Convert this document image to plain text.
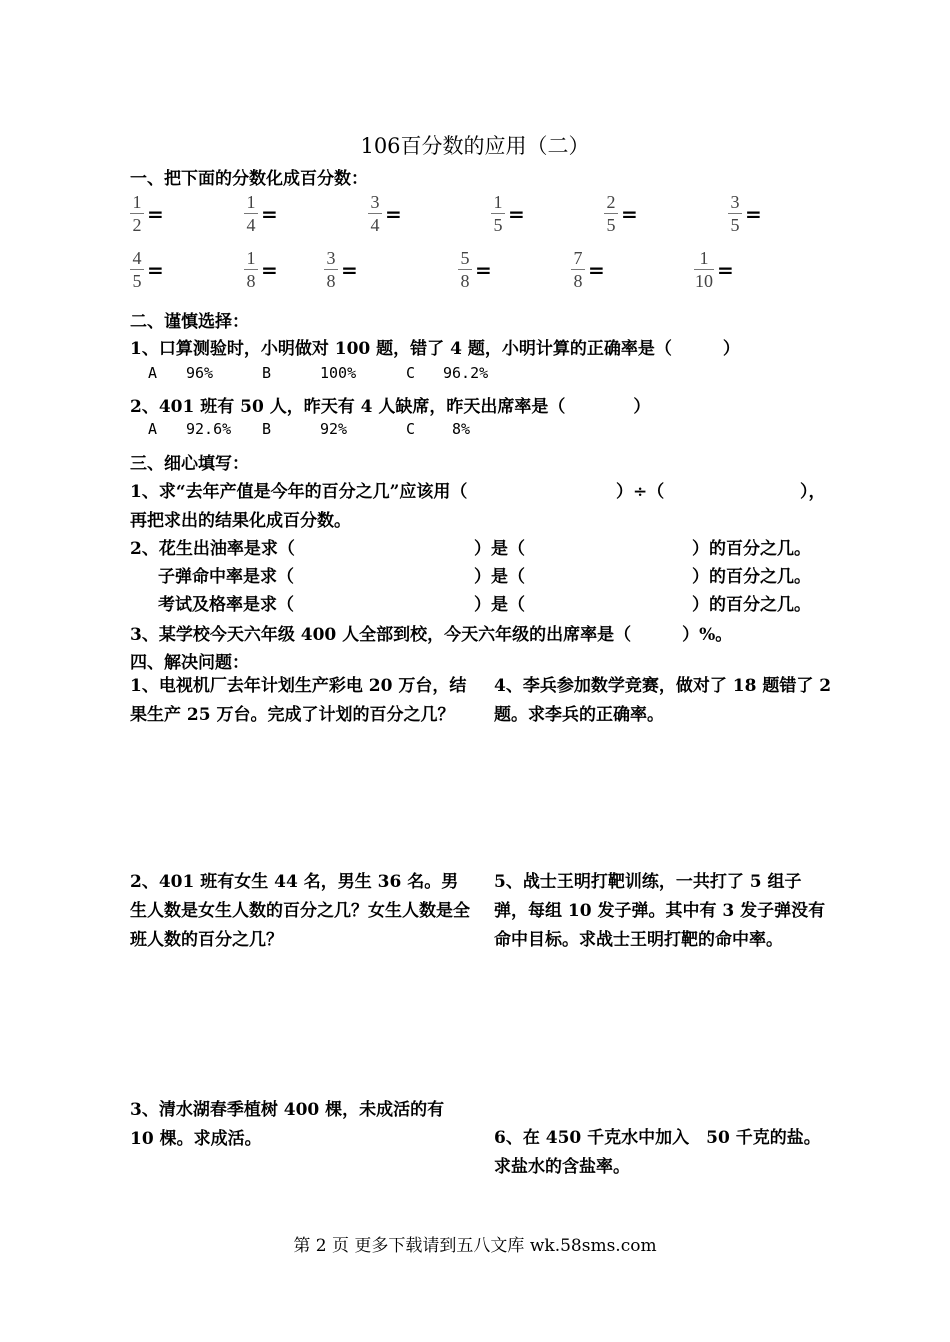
106百分数的应用（二）
一、把下面的分数化成百分数：
$\frac{1}{2}$ =	$\frac{1}{4}$ =	$\frac{3}{4}$ =	$\frac{1}{5}$ =	$\frac{2}{5}$ =	$\frac{3}{5}$ =
$\frac{4}{5}$ =	$\frac{1}{8}$ =	$\frac{3}{8}$ =	$\frac{5}{8}$ =	$\frac{7}{8}$ =	$\frac{1}{10}$ =
二、谨慎选择：
1、口算测验时，小明做对 100 题，错了 4 题，小明计算的正确率是（　　　）
A 96%	B	100%	C 96.2%
2、401 班有 50 人，昨天有 4 人缺席，昨天出席率是（　　　　）
A 92.6% B	92%	C 8%
三、细心填写：
1、求“去年产值是今年的百分之几”应该用（	）÷（	），
再把求出的结果化成百分数。
2、花生出油率是求（	）是（	）的百分之几。
子弹命中率是求（	）是（	）的百分之几。
考试及格率是求（	）是（	）的百分之几。
3、某学校今天六年级 400 人全部到校，今天六年级的出席率是（　　　）%。
四、解决问题：
1、电视机厂去年计划生产彩电 20 万台，结果生产 25 万台。完成了计划的百分之几？
4、李兵参加数学竞赛，做对了 18 题错了 2 题。求李兵的正确率。
2、401 班有女生 44 名，男生 36 名。男生人数是女生人数的百分之几？女生人数是全班人数的百分之几？
5、战士王明打靶训练，一共打了 5 组子弹，每组 10 发子弹。其中有 3 发子弹没有命中目标。求战士王明打靶的命中率。
3、清水湖春季植树 400 棵，未成活的有 10 棵。求成活。	6、在 450 千克水中加入　50 千克的盐。求盐水的含盐率。
第 2 页 更多下载请到五八文库 wk.58sms.com
